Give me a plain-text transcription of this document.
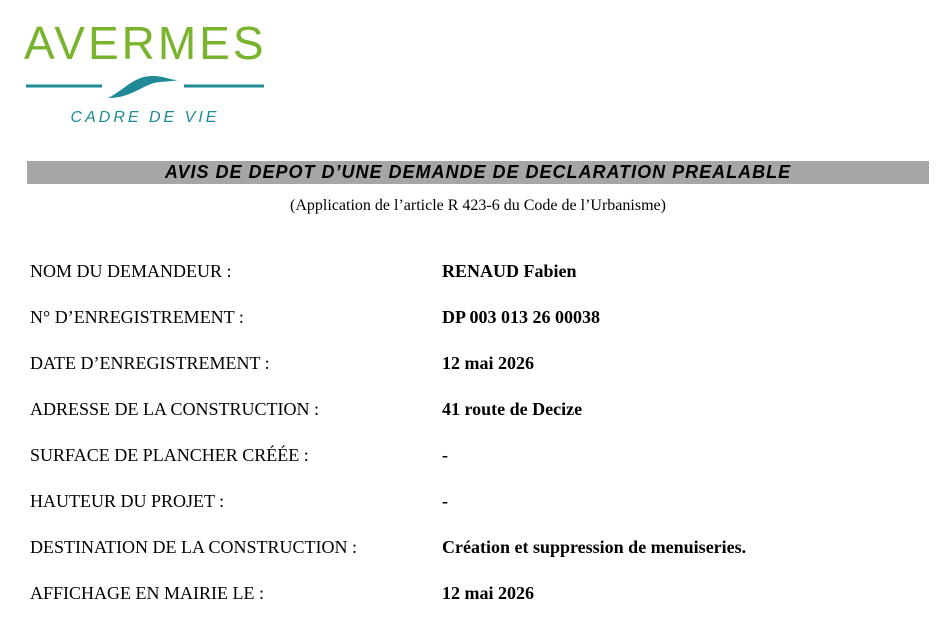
AVERMES
CADRE DE VIE
AVIS DE DEPOT D’UNE DEMANDE DE DECLARATION PREALABLE
(Application de l’article R 423-6 du Code de l’Urbanisme)
NOM DU DEMANDEUR :	RENAUD Fabien
N° D’ENREGISTREMENT :	DP 003 013 26 00038
DATE D’ENREGISTREMENT :	12 mai 2026
ADRESSE DE LA CONSTRUCTION :	41 route de Decize
SURFACE DE PLANCHER CRÉÉE :	-
HAUTEUR DU PROJET :	-
DESTINATION DE LA CONSTRUCTION :	Création et suppression de menuiseries.
AFFICHAGE EN MAIRIE LE :	12 mai 2026
